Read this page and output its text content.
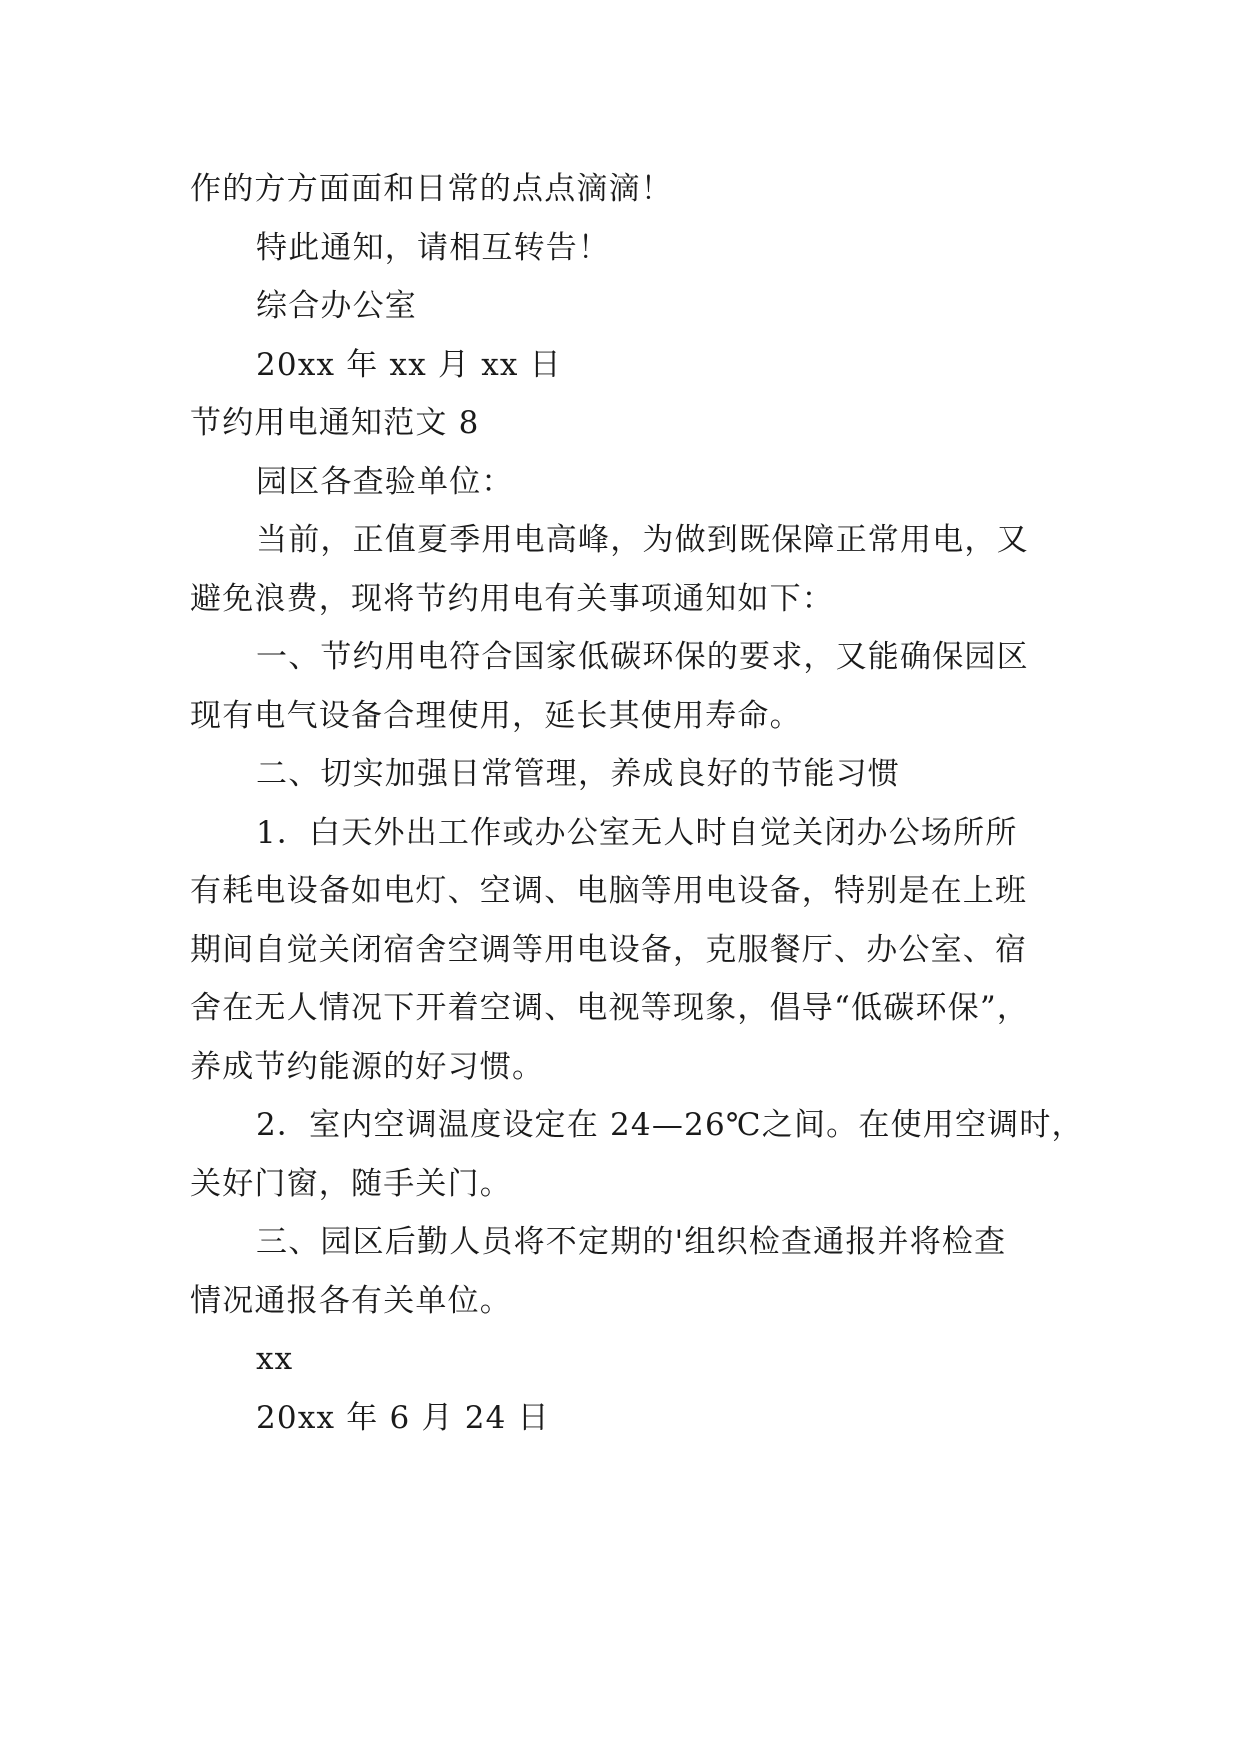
作的方方面面和日常的点点滴滴！
特此通知，请相互转告！
综合办公室
20xx 年 xx 月 xx 日
节约用电通知范文 8
园区各查验单位：
当前，正值夏季用电高峰，为做到既保障正常用电，又
避免浪费，现将节约用电有关事项通知如下：
一、节约用电符合国家低碳环保的要求，又能确保园区
现有电气设备合理使用，延长其使用寿命。
二、切实加强日常管理，养成良好的节能习惯
1．白天外出工作或办公室无人时自觉关闭办公场所所
有耗电设备如电灯、空调、电脑等用电设备，特别是在上班
期间自觉关闭宿舍空调等用电设备，克服餐厅、办公室、宿
舍在无人情况下开着空调、电视等现象，倡导“低碳环保”，
养成节约能源的好习惯。
2．室内空调温度设定在 24—26℃之间。在使用空调时，
关好门窗，随手关门。
三、园区后勤人员将不定期的'组织检查通报并将检查
情况通报各有关单位。
xx
20xx 年 6 月 24 日
